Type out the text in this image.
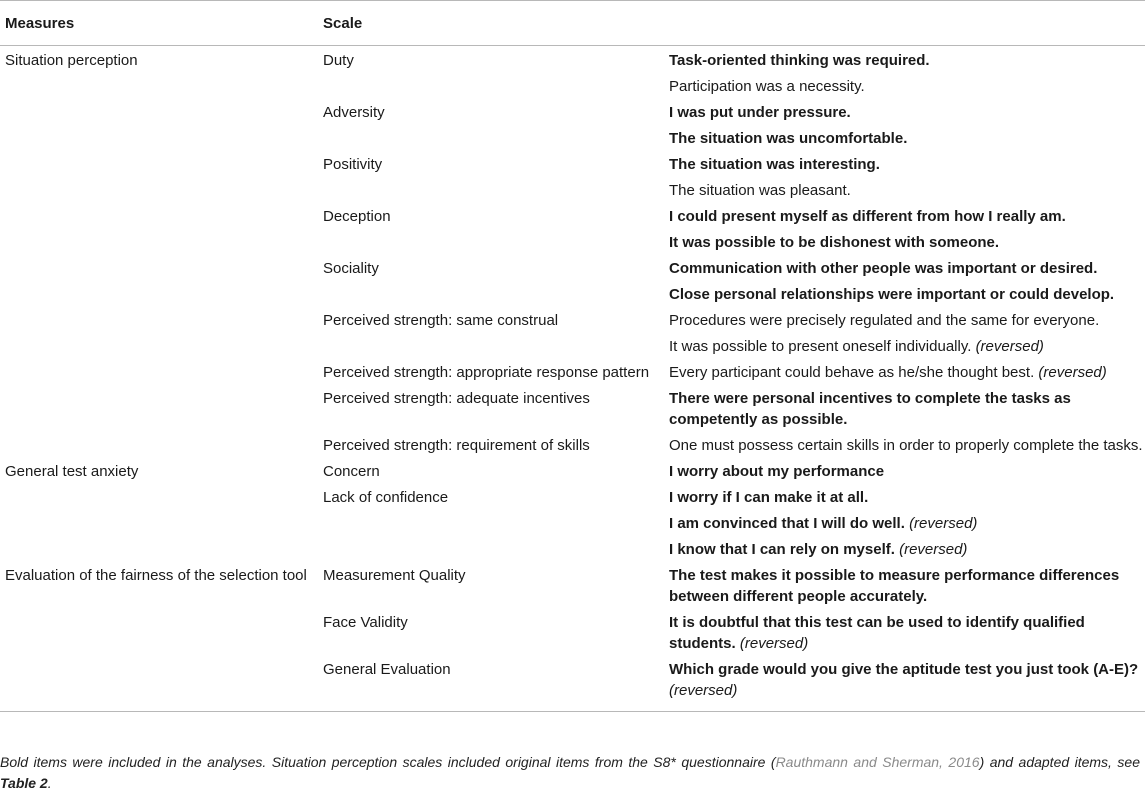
Measures	Scale	
Situation perception	Duty	Task-oriented thinking was required.
		Participation was a necessity.
	Adversity	I was put under pressure.
		The situation was uncomfortable.
	Positivity	The situation was interesting.
		The situation was pleasant.
	Deception	I could present myself as different from how I really am.
		It was possible to be dishonest with someone.
	Sociality	Communication with other people was important or desired.
		Close personal relationships were important or could develop.
	Perceived strength: same construal	Procedures were precisely regulated and the same for everyone.
		It was possible to present oneself individually. (reversed)
	Perceived strength: appropriate response pattern	Every participant could behave as he/she thought best. (reversed)
	Perceived strength: adequate incentives	There were personal incentives to complete the tasks as competently as possible.
	Perceived strength: requirement of skills	One must possess certain skills in order to properly complete the tasks.
General test anxiety	Concern	I worry about my performance
	Lack of confidence	I worry if I can make it at all.
		I am convinced that I will do well. (reversed)
		I know that I can rely on myself. (reversed)
Evaluation of the fairness of the selection tool	Measurement Quality	The test makes it possible to measure performance differences between different people accurately.
	Face Validity	It is doubtful that this test can be used to identify qualified students. (reversed)
	General Evaluation	Which grade would you give the aptitude test you just took (A-E)? (reversed)
Bold items were included in the analyses. Situation perception scales included original items from the S8* questionnaire (Rauthmann and Sherman, 2016) and adapted items, see Table 2.
